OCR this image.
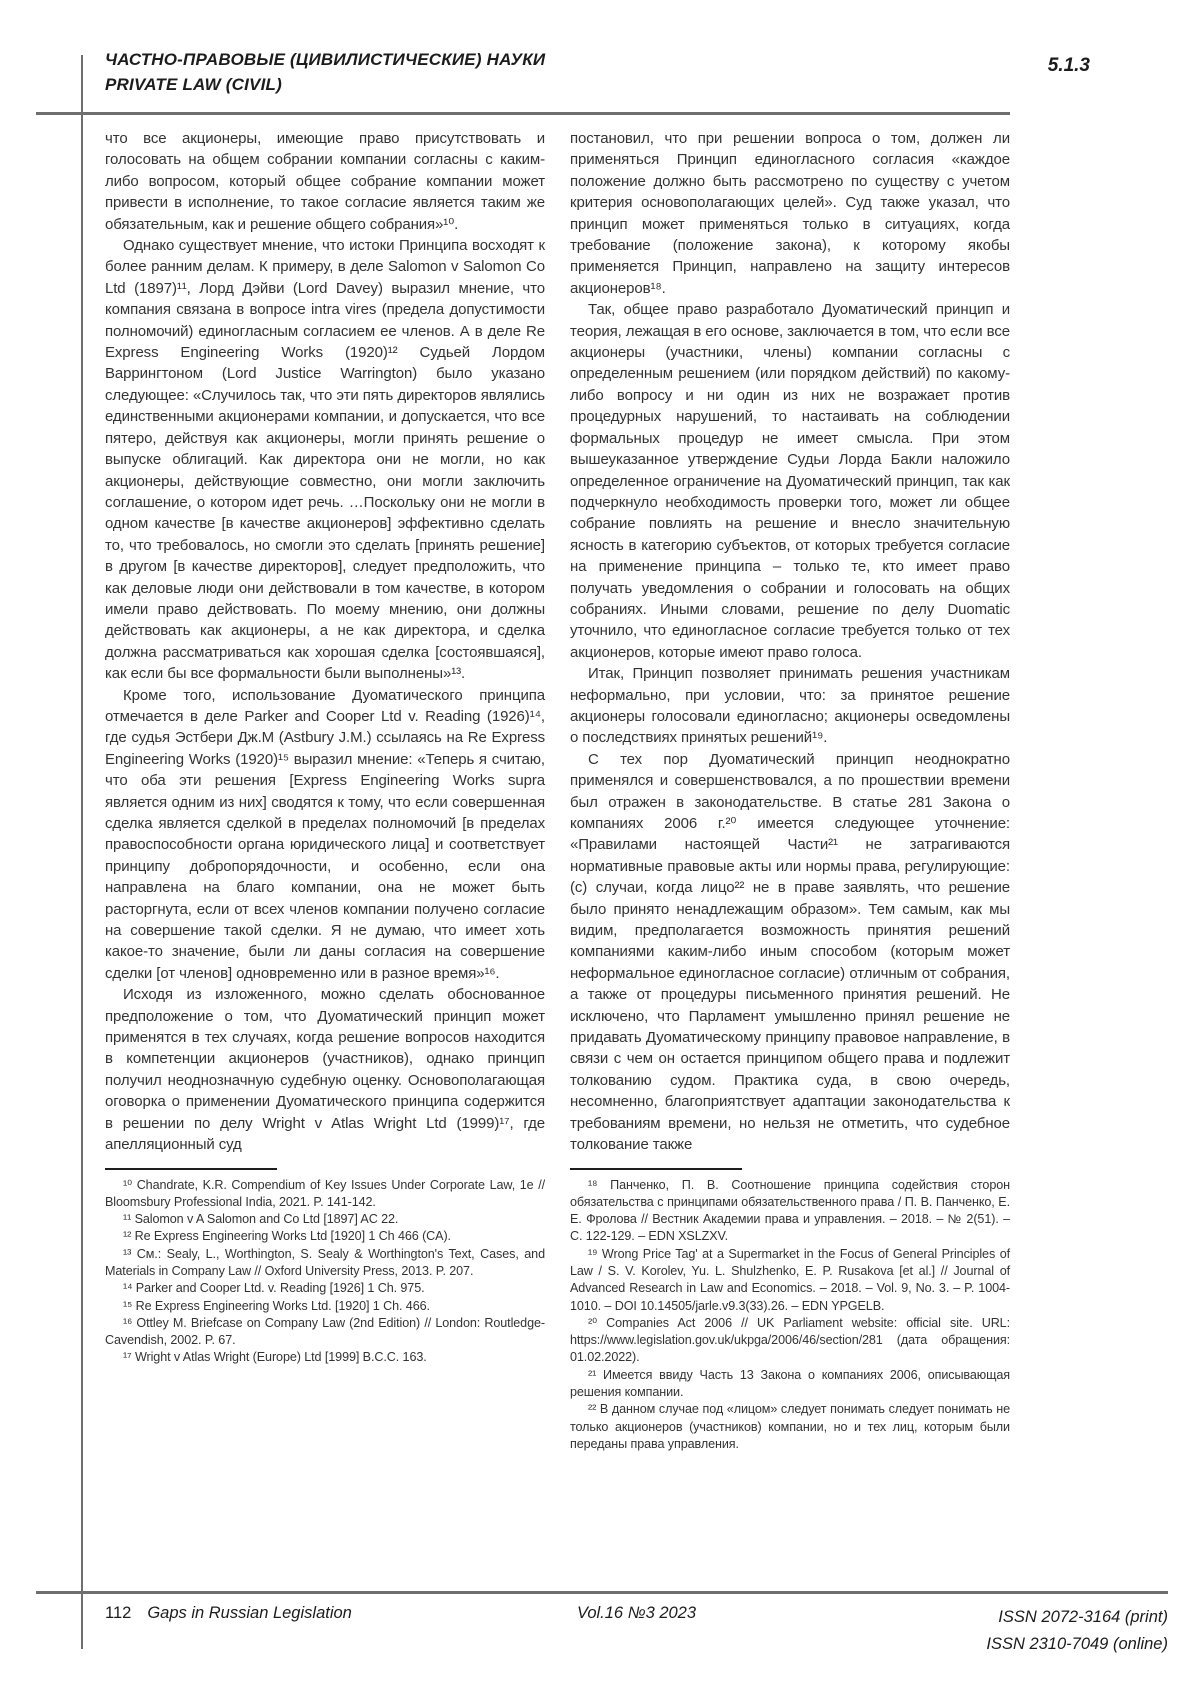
ЧАСТНО-ПРАВОВЫЕ (ЦИВИЛИСТИЧЕСКИЕ) НАУКИ
PRIVATE LAW (CIVIL)
5.1.3

что все акционеры, имеющие право присутствовать и голосовать на общем собрании компании согласны с каким-либо вопросом, который общее собрание компании может привести в исполнение, то такое согласие является таким же обязательным, как и решение общего собрания»¹⁰.

Однако существует мнение, что истоки Принципа восходят к более ранним делам. К примеру, в деле Salomon v Salomon Co Ltd (1897)¹¹, Лорд Дэйви (Lord Davey) выразил мнение, что компания связана в вопросе intra vires (предела допустимости полномочий) единогласным согласием ее членов. А в деле Re Express Engineering Works (1920)¹² Судьей Лордом Варрингтоном (Lord Justice Warrington) было указано следующее: «Случилось так, что эти пять директоров являлись единственными акционерами компании, и допускается, что все пятеро, действуя как акционеры, могли принять решение о выпуске облигаций. Как директора они не могли, но как акционеры, действующие совместно, они могли заключить соглашение, о котором идет речь. …Поскольку они не могли в одном качестве [в качестве акционеров] эффективно сделать то, что требовалось, но смогли это сделать [принять решение] в другом [в качестве директоров], следует предположить, что как деловые люди они действовали в том качестве, в котором имели право действовать. По моему мнению, они должны действовать как акционеры, а не как директора, и сделка должна рассматриваться как хорошая сделка [состоявшаяся], как если бы все формальности были выполнены»¹³.

Кроме того, использование Дуоматического принципа отмечается в деле Parker and Cooper Ltd v. Reading (1926)¹⁴, где судья Эстбери Дж.М (Astbury J.M.) ссылаясь на Re Express Engineering Works (1920)¹⁵ выразил мнение: «Теперь я считаю, что оба эти решения [Express Engineering Works supra является одним из них] сводятся к тому, что если совершенная сделка является сделкой в пределах полномочий [в пределах правоспособности органа юридического лица] и соответствует принципу добропорядочности, и особенно, если она направлена на благо компании, она не может быть расторгнута, если от всех членов компании получено согласие на совершение такой сделки. Я не думаю, что имеет хоть какое-то значение, были ли даны согласия на совершение сделки [от членов] одновременно или в разное время»¹⁶.

Исходя из изложенного, можно сделать обоснованное предположение о том, что Дуоматический принцип может применятся в тех случаях, когда решение вопросов находится в компетенции акционеров (участников), однако принцип получил неоднозначную судебную оценку. Основополагающая оговорка о применении Дуоматического принципа содержится в решении по делу Wright v Atlas Wright Ltd (1999)¹⁷, где апелляционный суд

¹⁰ Chandrate, K.R. Compendium of Key Issues Under Corporate Law, 1e // Bloomsbury Professional India, 2021. P. 141-142.

¹¹ Salomon v A Salomon and Co Ltd [1897] AC 22.

¹² Re Express Engineering Works Ltd [1920] 1 Ch 466 (CA).

¹³ См.: Sealy, L., Worthington, S. Sealy & Worthington's Text, Cases, and Materials in Company Law // Oxford University Press, 2013. P. 207.

¹⁴ Parker and Cooper Ltd. v. Reading [1926] 1 Ch. 975.

¹⁵ Re Express Engineering Works Ltd. [1920] 1 Ch. 466.

¹⁶ Ottley M. Briefcase on Company Law (2nd Edition) // London: Routledge-Cavendish, 2002. P. 67.

¹⁷ Wright v Atlas Wright (Europe) Ltd [1999] B.C.C. 163.

постановил, что при решении вопроса о том, должен ли применяться Принцип единогласного согласия «каждое положение должно быть рассмотрено по существу с учетом критерия основополагающих целей». Суд также указал, что принцип может применяться только в ситуациях, когда требование (положение закона), к которому якобы применяется Принцип, направлено на защиту интересов акционеров¹⁸.

Так, общее право разработало Дуоматический принцип и теория, лежащая в его основе, заключается в том, что если все акционеры (участники, члены) компании согласны с определенным решением (или порядком действий) по какому-либо вопросу и ни один из них не возражает против процедурных нарушений, то настаивать на соблюдении формальных процедур не имеет смысла. При этом вышеуказанное утверждение Судьи Лорда Бакли наложило определенное ограничение на Дуоматический принцип, так как подчеркнуло необходимость проверки того, может ли общее собрание повлиять на решение и внесло значительную ясность в категорию субъектов, от которых требуется согласие на применение принципа – только те, кто имеет право получать уведомления о собрании и голосовать на общих собраниях. Иными словами, решение по делу Duomatic уточнило, что единогласное согласие требуется только от тех акционеров, которые имеют право голоса.

Итак, Принцип позволяет принимать решения участникам неформально, при условии, что: за принятое решение акционеры голосовали единогласно; акционеры осведомлены о последствиях принятых решений¹⁹.

С тех пор Дуоматический принцип неоднократно применялся и совершенствовался, а по прошествии времени был отражен в законодательстве. В статье 281 Закона о компаниях 2006 г.²⁰ имеется следующее уточнение: «Правилами настоящей Части²¹ не затрагиваются нормативные правовые акты или нормы права, регулирующие: (c) случаи, когда лицо²² не в праве заявлять, что решение было принято ненадлежащим образом». Тем самым, как мы видим, предполагается возможность принятия решений компаниями каким-либо иным способом (которым может неформальное единогласное согласие) отличным от собрания, а также от процедуры письменного принятия решений. Не исключено, что Парламент умышленно принял решение не придавать Дуоматическому принципу правовое направление, в связи с чем он остается принципом общего права и подлежит толкованию судом. Практика суда, в свою очередь, несомненно, благоприятствует адаптации законодательства к требованиям времени, но нельзя не отметить, что судебное толкование также

¹⁸ Панченко, П. В. Соотношение принципа содействия сторон обязательства с принципами обязательственного права / П. В. Панченко, Е. Е. Фролова // Вестник Академии права и управления. – 2018. – № 2(51). – С. 122-129. – EDN XSLZXV.

¹⁹ Wrong Price Tag' at a Supermarket in the Focus of General Principles of Law / S. V. Korolev, Yu. L. Shulzhenko, E. P. Rusakova [et al.] // Journal of Advanced Research in Law and Economics. – 2018. – Vol. 9, No. 3. – P. 1004-1010. – DOI 10.14505/jarle.v9.3(33).26. – EDN YPGELB.

²⁰ Companies Act 2006 // UK Parliament website: official site. URL: https://www.legislation.gov.uk/ukpga/2006/46/section/281 (дата обращения: 01.02.2022).

²¹ Имеется ввиду Часть 13 Закона о компаниях 2006, описывающая решения компании.

²² В данном случае под «лицом» следует понимать следует понимать не только акционеров (участников) компании, но и тех лиц, которым были переданы права управления.

112 Gaps in Russian Legislation	Vol.16 №3 2023	ISSN 2072-3164 (print)
ISSN 2310-7049 (online)
